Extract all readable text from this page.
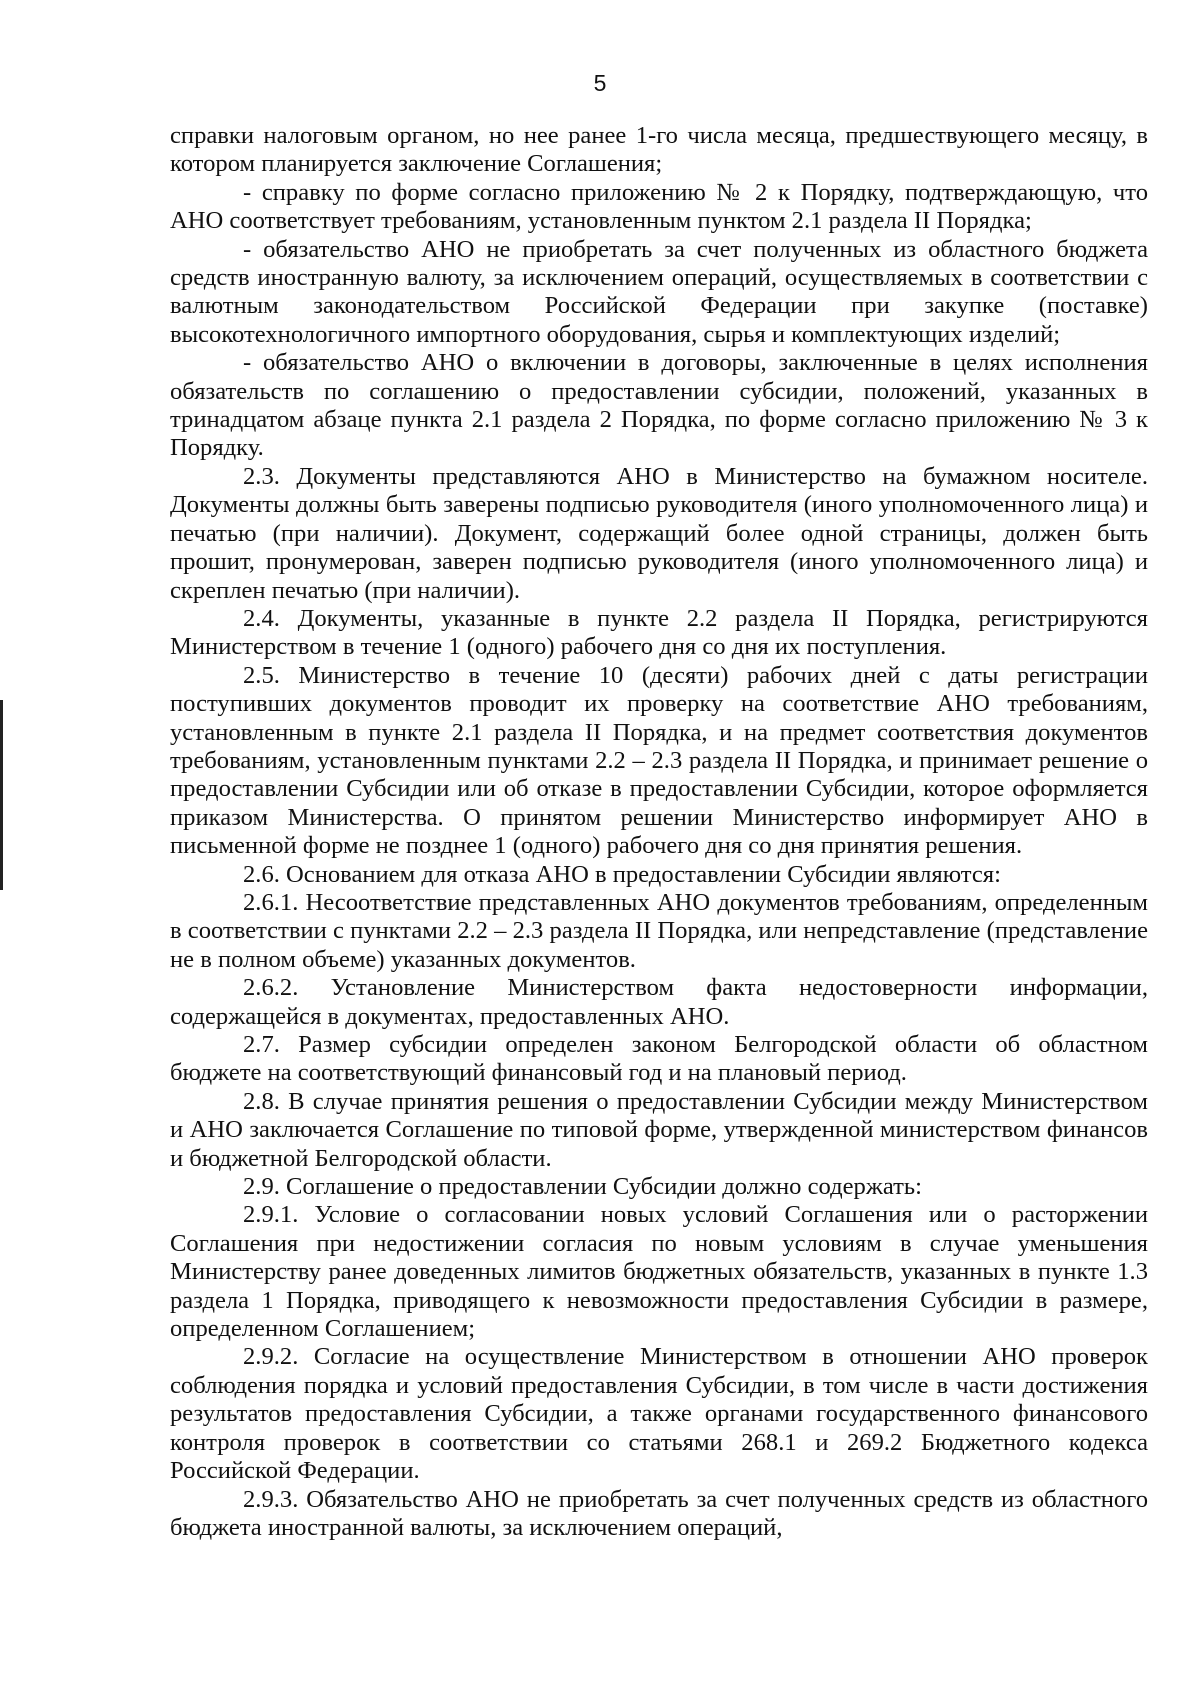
5

справки налоговым органом, но нее ранее 1-го числа месяца, предшествующего месяцу, в котором планируется заключение Соглашения;

- справку по форме согласно приложению № 2 к Порядку, подтверждающую, что АНО соответствует требованиям, установленным пунктом 2.1 раздела II Порядка;

- обязательство АНО не приобретать за счет полученных из областного бюджета средств иностранную валюту, за исключением операций, осуществляемых в соответствии с валютным законодательством Российской Федерации при закупке (поставке) высокотехнологичного импортного оборудования, сырья и комплектующих изделий;

- обязательство АНО о включении в договоры, заключенные в целях исполнения обязательств по соглашению о предоставлении субсидии, положений, указанных в тринадцатом абзаце пункта 2.1 раздела 2 Порядка, по форме согласно приложению № 3 к Порядку.

2.3. Документы представляются АНО в Министерство на бумажном носителе. Документы должны быть заверены подписью руководителя (иного уполномоченного лица) и печатью (при наличии). Документ, содержащий более одной страницы, должен быть прошит, пронумерован, заверен подписью руководителя (иного уполномоченного лица) и скреплен печатью (при наличии).

2.4. Документы, указанные в пункте 2.2 раздела II Порядка, регистрируются Министерством в течение 1 (одного) рабочего дня со дня их поступления.

2.5. Министерство в течение 10 (десяти) рабочих дней с даты регистрации поступивших документов проводит их проверку на соответствие АНО требованиям, установленным в пункте 2.1 раздела II Порядка, и на предмет соответствия документов требованиям, установленным пунктами 2.2 – 2.3 раздела II Порядка, и принимает решение о предоставлении Субсидии или об отказе в предоставлении Субсидии, которое оформляется приказом Министерства. О принятом решении Министерство информирует АНО в письменной форме не позднее 1 (одного) рабочего дня со дня принятия решения.

2.6. Основанием для отказа АНО в предоставлении Субсидии являются:

2.6.1. Несоответствие представленных АНО документов требованиям, определенным в соответствии с пунктами 2.2 – 2.3 раздела II Порядка, или непредставление (представление не в полном объеме) указанных документов.

2.6.2. Установление Министерством факта недостоверности информации, содержащейся в документах, предоставленных АНО.

2.7. Размер субсидии определен законом Белгородской области об областном бюджете на соответствующий финансовый год и на плановый период.

2.8. В случае принятия решения о предоставлении Субсидии между Министерством и АНО заключается Соглашение по типовой форме, утвержденной министерством финансов и бюджетной Белгородской области.

2.9. Соглашение о предоставлении Субсидии должно содержать:

2.9.1. Условие о согласовании новых условий Соглашения или о расторжении Соглашения при недостижении согласия по новым условиям в случае уменьшения Министерству ранее доведенных лимитов бюджетных обязательств, указанных в пункте 1.3 раздела 1 Порядка, приводящего к невозможности предоставления Субсидии в размере, определенном Соглашением;

2.9.2. Согласие на осуществление Министерством в отношении АНО проверок соблюдения порядка и условий предоставления Субсидии, в том числе в части достижения результатов предоставления Субсидии, а также органами государственного финансового контроля проверок в соответствии со статьями 268.1 и 269.2 Бюджетного кодекса Российской Федерации.

2.9.3. Обязательство АНО не приобретать за счет полученных средств из областного бюджета иностранной валюты, за исключением операций,
